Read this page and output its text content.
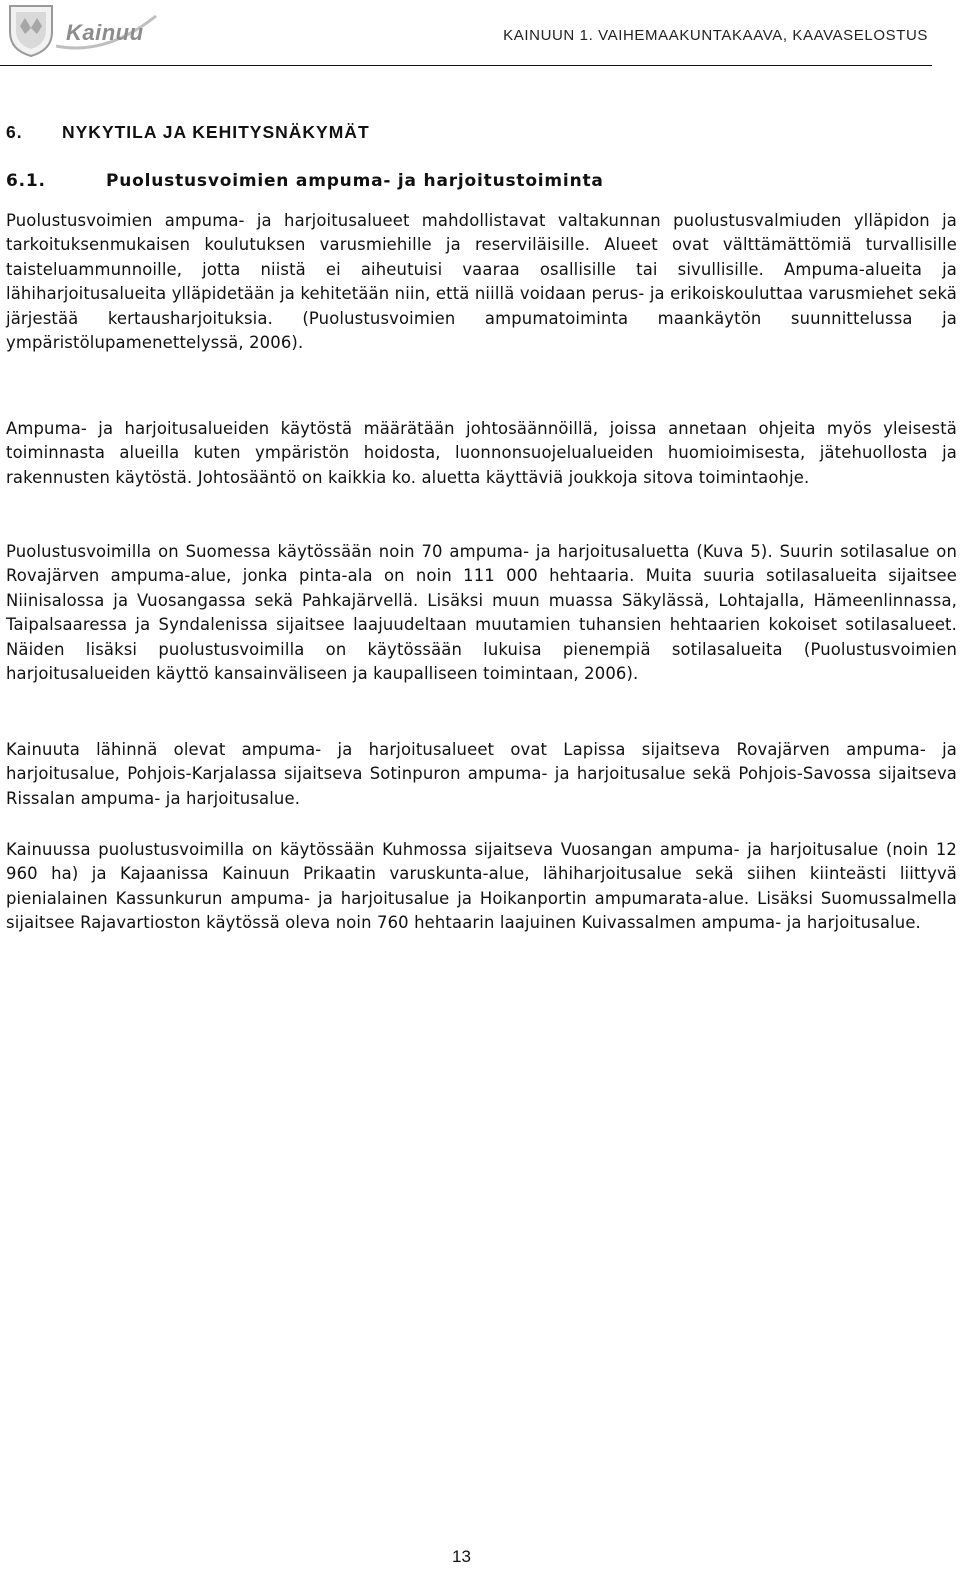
Kainuu	KAINUUN 1. VAIHEMAAKUNTAKAAVA, KAAVASELOSTUS
6. NYKYTILA JA KEHITYSNÄKYMÄT
6.1.	Puolustusvoimien ampuma- ja harjoitustoiminta

Puolustusvoimien ampuma- ja harjoitusalueet mahdollistavat valtakunnan puolustusvalmiuden ylläpidon ja tarkoituksenmukaisen koulutuksen varusmiehille ja reserviläisille. Alueet ovat välttämättömiä turvallisille taisteluammunnoille, jotta niistä ei aiheutuisi vaaraa osallisille tai sivullisille. Ampuma-alueita ja lähiharjoitusalueita ylläpidetään ja kehitetään niin, että niillä voidaan perus- ja erikoiskouluttaa varusmiehet sekä järjestää kertausharjoituksia. (Puolustusvoimien ampumatoiminta maankäytön suunnittelussa ja ympäristölupamenettelyssä, 2006).

Ampuma- ja harjoitusalueiden käytöstä määrätään johtosäännöillä, joissa annetaan ohjeita myös yleisestä toiminnasta alueilla kuten ympäristön hoidosta, luonnonsuojelualueiden huomioimisesta, jätehuollosta ja rakennusten käytöstä. Johtosääntö on kaikkia ko. aluetta käyttäviä joukkoja sitova toimintaohje.

Puolustusvoimilla on Suomessa käytössään noin 70 ampuma- ja harjoitusaluetta (Kuva 5). Suurin sotilasalue on Rovajärven ampuma-alue, jonka pinta-ala on noin 111 000 hehtaaria. Muita suuria sotilasalueita sijaitsee Niinisalossa ja Vuosangassa sekä Pahkajärvellä. Lisäksi muun muassa Säkylässä, Lohtajalla, Hämeenlinnassa, Taipalsaaressa ja Syndalenissa sijaitsee laajuudeltaan muutamien tuhansien hehtaarien kokoiset sotilasalueet. Näiden lisäksi puolustusvoimilla on käytössään lukuisa pienempiä sotilasalueita (Puolustusvoimien harjoitusalueiden käyttö kansainväliseen ja kaupalliseen toimintaan, 2006).

Kainuuta lähinnä olevat ampuma- ja harjoitusalueet ovat Lapissa sijaitseva Rovajärven ampuma- ja harjoitusalue, Pohjois-Karjalassa sijaitseva Sotinpuron ampuma- ja harjoitusalue sekä Pohjois-Savossa sijaitseva Rissalan ampuma- ja harjoitusalue.

Kainuussa puolustusvoimilla on käytössään Kuhmossa sijaitseva Vuosangan ampuma- ja harjoitusalue (noin 12 960 ha) ja Kajaanissa Kainuun Prikaatin varuskunta-alue, lähiharjoitusalue sekä siihen kiinteästi liittyvä pienialainen Kassunkurun ampuma- ja harjoitusalue ja Hoikanportin ampumarata-alue. Lisäksi Suomussalmella sijaitsee Rajavartioston käytössä oleva noin 760 hehtaarin laajuinen Kuivassalmen ampuma- ja harjoitusalue.

13
